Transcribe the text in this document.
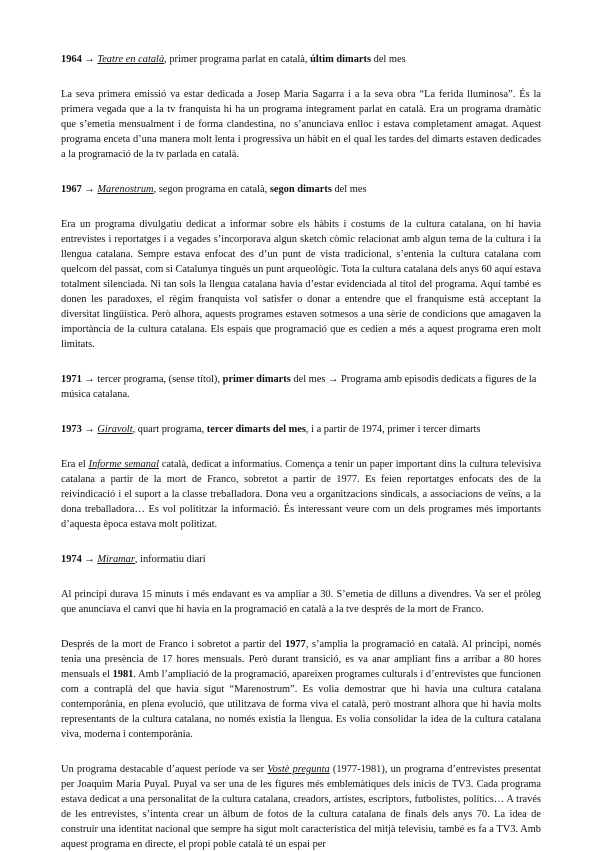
1964 → Teatre en català, primer programa parlat en català, últim dimarts del mes

La seva primera emissió va estar dedicada a Josep Maria Sagarra i a la seva obra “La ferida lluminosa”. És la primera vegada que a la tv franquista hi ha un programa íntegrament parlat en català. Era un programa dramàtic que s’emetia mensualment i de forma clandestina, no s’anunciava enlloc i estava completament amagat. Aquest programa enceta d’una manera molt lenta i progressiva un hàbit en el qual les tardes del dimarts estaven dedicades a la programació de la tv parlada en català.

1967 → Marenostrum, segon programa en català, segon dimarts del mes

Era un programa divulgatiu dedicat a informar sobre els hàbits i costums de la cultura catalana, on hi havia entrevistes i reportatges i a vegades s’incorporava algun sketch còmic relacionat amb algun tema de la cultura i la llengua catalana. Sempre estava enfocat des d’un punt de vista tradicional, s’entenia la cultura catalana com quelcom del passat, com si Catalunya tingués un punt arqueològic. Tota la cultura catalana dels anys 60 aquí estava totalment silenciada. Ni tan sols la llengua catalana havia d’estar evidenciada al títol del programa. Aquí també es donen les paradoxes, el règim franquista vol satisfer o donar a entendre que el franquisme està acceptant la diversitat lingüística. Però alhora, aquests programes estaven sotmesos a una sèrie de condicions que amagaven la importància de la cultura catalana. Els espais que programació que es cedien a més a aquest programa eren molt limitats.

1971 → tercer programa, (sense títol), primer dimarts del mes → Programa amb episodis dedicats a figures de la música catalana.

1973 → Giravolt, quart programa, tercer dimarts del mes, i a partir de 1974, primer i tercer dimarts

Era el Informe semanal català, dedicat a informatius. Comença a tenir un paper important dins la cultura televisiva catalana a partir de la mort de Franco, sobretot a partir de 1977. Es feien reportatges enfocats des de la reivindicació i el suport a la classe treballadora. Dona veu a organitzacions sindicals, a associacions de veïns, a la dona treballadora… Es vol polititzar la informació. És interessant veure com un dels programes més importants d’aquesta època estava molt politizat.

1974 → Miramar, informatiu diari

Al principi durava 15 minuts i més endavant es va ampliar a 30. S’emetia de dilluns a divendres. Va ser el pròleg que anunciava el canvi que hi havia en la programació en català a la tve després de la mort de Franco.

Després de la mort de Franco i sobretot a partir del 1977, s’amplia la programació en català. Al principi, només tenia una presència de 17 hores mensuals. Però durant transició, es va anar ampliant fins a arribar a 80 hores mensuals el 1981. Amb l’ampliació de la programació, apareixen programes culturals i d’entrevistes que funcionen com a contraplà del que havia sigut “Marenostrum”. Es volia demostrar que hi havia una cultura catalana contemporània, en plena evolució, que utilitzava de forma viva el català, però mostrant alhora que hi havia molts representants de la cultura catalana, no només existia la llengua. Es volia consolidar la idea de la cultura catalana viva, moderna i contemporània.

Un programa destacable d’aquest període va ser Vostè pregunta (1977-1981), un programa d’entrevistes presentat per Joaquim Maria Puyal. Puyal va ser una de les figures més emblemàtiques dels inicis de TV3. Cada programa estava dedicat a una personalitat de la cultura catalana, creadors, artistes, escriptors, futbolistes, polítics… A través de les entrevistes, s’intenta crear un àlbum de fotos de la cultura catalana de finals dels anys 70. La idea de construir una identitat nacional que sempre ha sigut molt característica del mitjà televisiu, també es fa a TV3. Amb aquest programa en directe, el propi poble català té un espai per
